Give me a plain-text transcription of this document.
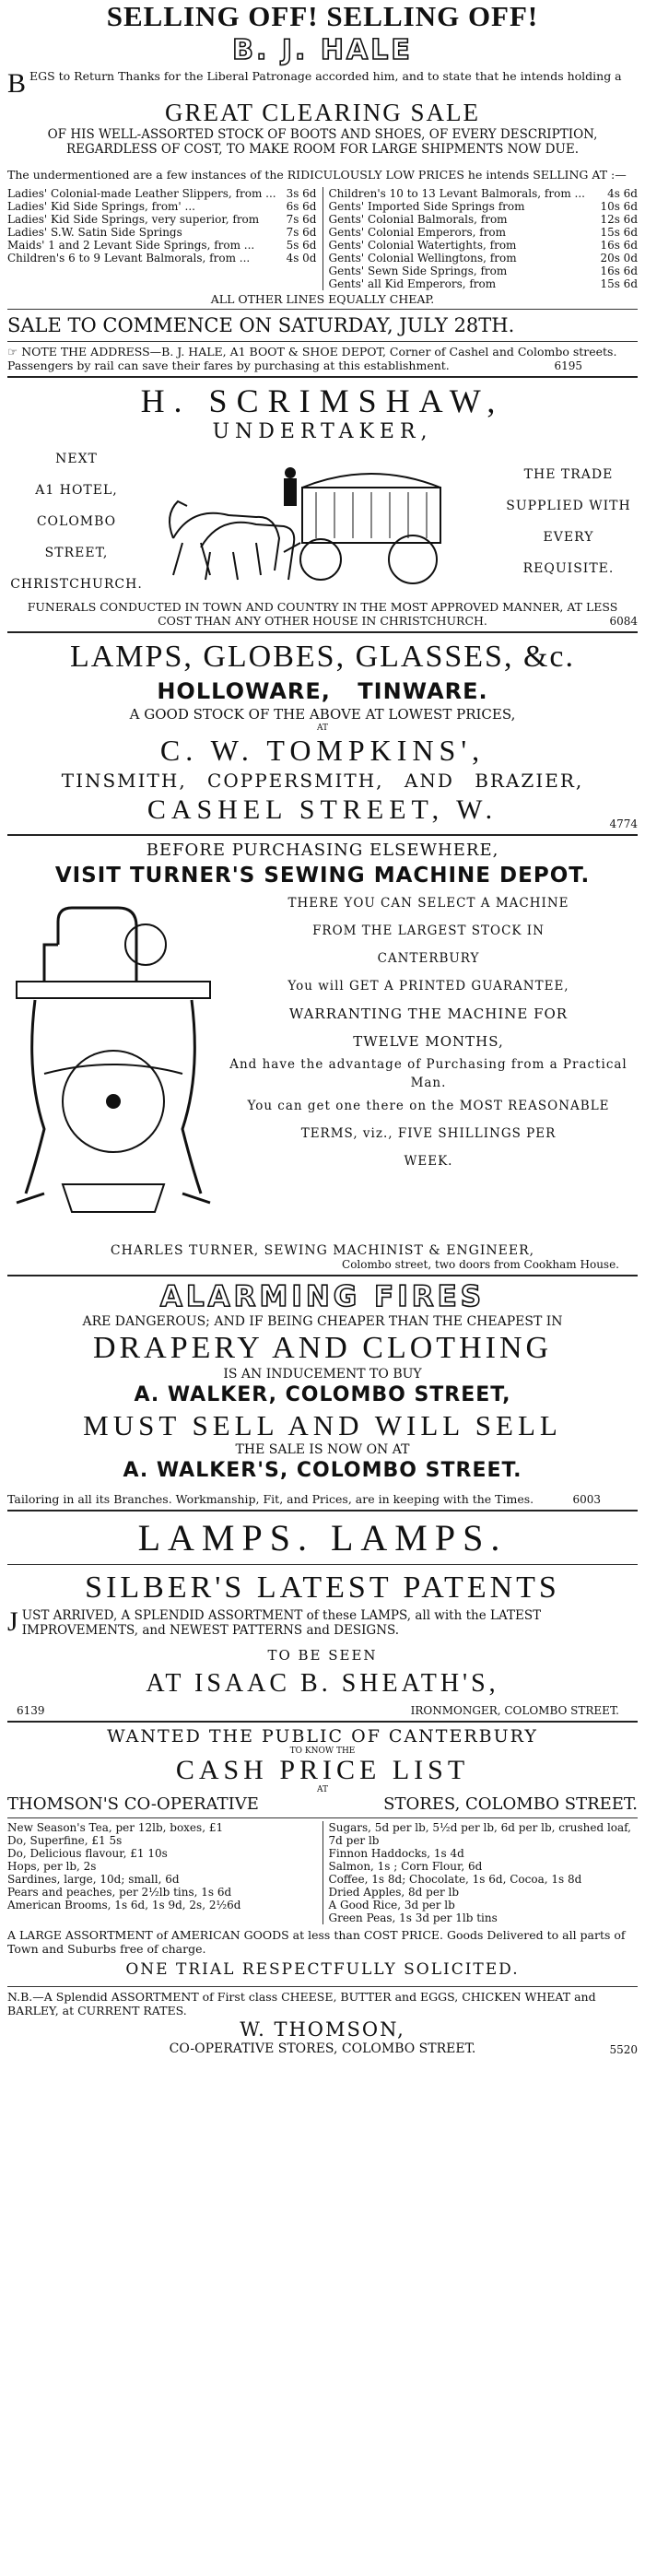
SELLING OFF! SELLING OFF!
B. J. HALE
B EGS to Return Thanks for the Liberal Patronage accorded him, and to state that he intends holding a
GREAT CLEARING SALE
OF HIS WELL-ASSORTED STOCK OF BOOTS AND SHOES, OF EVERY DESCRIPTION, REGARDLESS OF COST, TO MAKE ROOM FOR LARGE SHIPMENTS NOW DUE.
The undermentioned are a few instances of the RIDICULOUSLY LOW PRICES he intends SELLING AT :—
Ladies' Colonial-made Leather Slippers, from ... 3s 6d
Ladies' Kid Side Springs, from' ...	6s 6d
Ladies' Kid Side Springs, very superior, from 7s 6d
Ladies' S.W. Satin Side Springs	7s 6d
Maids' 1 and 2 Levant Side Springs, from ...	5s 6d
Children's 6 to 9 Levant Balmorals, from ...	4s 0d
Children's 10 to 13 Levant Balmorals, from ... 4s 6d
Gents' Imported Side Springs from	10s 6d
Gents' Colonial Balmorals, from	12s 6d
Gents' Colonial Emperors, from	15s 6d
Gents' Colonial Watertights, from	16s 6d
Gents' Colonial Wellingtons, from	20s 0d
Gents' Sewn Side Springs, from	16s 6d
Gents' all Kid Emperors, from	15s 6d
ALL OTHER LINES EQUALLY CHEAP.
SALE TO COMMENCE ON SATURDAY, JULY 28TH.
☞ NOTE THE ADDRESS—B. J. HALE, A1 BOOT & SHOE DEPOT, Corner of Cashel and Colombo streets. Passengers by rail can save their fares by purchasing at this establishment.	6195
H. SCRIMSHAW,
UNDERTAKER,
NEXT
A1 HOTEL,
COLOMBO STREET,
CHRISTCHURCH.
THE TRADE
SUPPLIED WITH
EVERY
REQUISITE.
FUNERALS CONDUCTED IN TOWN AND COUNTRY IN THE MOST APPROVED MANNER, AT LESS COST THAN ANY OTHER HOUSE IN CHRISTCHURCH.	6084
LAMPS, GLOBES, GLASSES, &c.
HOLLOWARE, TINWARE.
A GOOD STOCK OF THE ABOVE AT LOWEST PRICES,
AT
C. W. TOMPKINS',
TINSMITH, COPPERSMITH, AND BRAZIER,
CASHEL STREET, W.	4774
BEFORE PURCHASING ELSEWHERE,
VISIT TURNER'S SEWING MACHINE DEPOT.
THERE YOU CAN SELECT A MACHINE
FROM THE LARGEST STOCK IN
CANTERBURY
You will GET A PRINTED GUARANTEE,
WARRANTING THE MACHINE FOR
TWELVE MONTHS,
And have the advantage of Purchasing from a Practical Man.
You can get one there on the MOST REASONABLE
TERMS, viz., FIVE SHILLINGS PER
WEEK.
CHARLES TURNER, SEWING MACHINIST & ENGINEER,
Colombo street, two doors from Cookham House.
ALARMING FIRES
ARE DANGEROUS; AND IF BEING CHEAPER THAN THE CHEAPEST IN
DRAPERY AND CLOTHING
IS AN INDUCEMENT TO BUY
A. WALKER, COLOMBO STREET,
MUST SELL AND WILL SELL
THE SALE IS NOW ON AT
A. WALKER'S, COLOMBO STREET.
Tailoring in all its Branches. Workmanship, Fit, and Prices, are in keeping with the Times.	6003
LAMPS. LAMPS.
SILBER'S LATEST PATENTS
J UST ARRIVED, A SPLENDID ASSORTMENT of these LAMPS, all with the LATEST IMPROVEMENTS, and NEWEST PATTERNS and DESIGNS.
TO BE SEEN
AT ISAAC B. SHEATH'S,
6139	IRONMONGER, COLOMBO STREET.
WANTED THE PUBLIC OF CANTERBURY
TO KNOW THE
CASH PRICE LIST
AT
THOMSON'S CO-OPERATIVE	STORES, COLOMBO STREET.
New Season's Tea, per 12lb, boxes, £1
Do, Superfine, £1 5s
Do, Delicious flavour, £1 10s
Hops, per lb, 2s
Sardines, large, 10d; small, 6d
Pears and peaches, per 2½lb tins, 1s 6d
American Brooms, 1s 6d, 1s 9d, 2s, 2½6d
Sugars, 5d per lb, 5½d per lb, 6d per lb, crushed loaf, 7d per lb
Finnon Haddocks, 1s 4d
Salmon, 1s ; Corn Flour, 6d
Coffee, 1s 8d; Chocolate, 1s 6d, Cocoa, 1s 8d
Dried Apples, 8d per lb
A Good Rice, 3d per lb
Green Peas, 1s 3d per 1lb tins
A LARGE ASSORTMENT of AMERICAN GOODS at less than COST PRICE. Goods Delivered to all parts of Town and Suburbs free of charge.
ONE TRIAL RESPECTFULLY SOLICITED.
N.B.—A Splendid ASSORTMENT of First class CHEESE, BUTTER and EGGS, CHICKEN WHEAT and BARLEY, at CURRENT RATES.
W. THOMSON,
CO-OPERATIVE STORES, COLOMBO STREET.	5520
